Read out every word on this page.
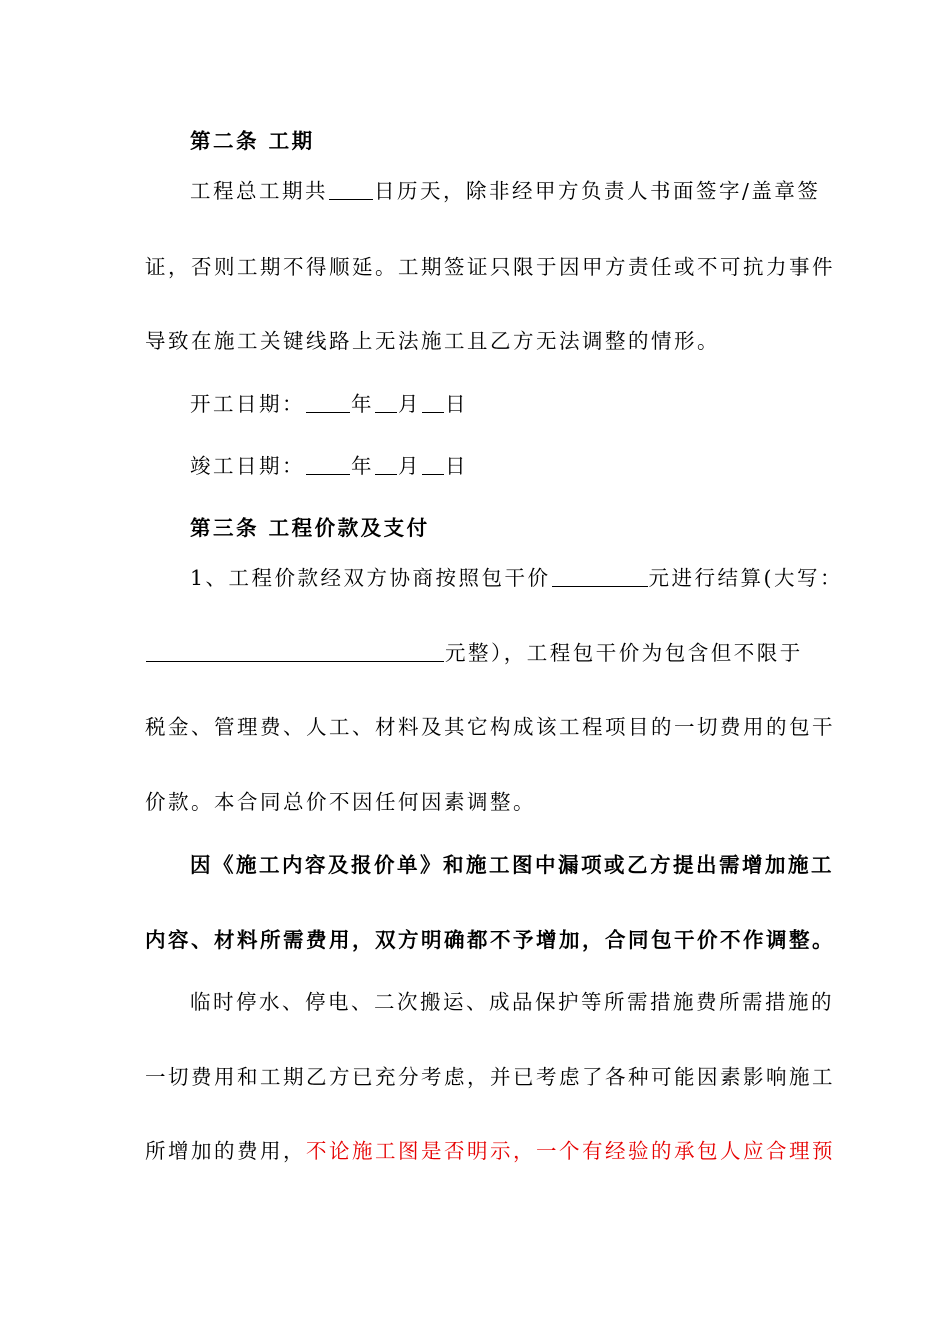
第二条 工期
工程总工期共 日历天，除非经甲方负责人书面签字/盖章签
证，否则工期不得顺延。工期签证只限于因甲方责任或不可抗力事件
导致在施工关键线路上无法施工且乙方无法调整的情形。
开工日期： 年 月 日
竣工日期： 年 月 日
第三条 工程价款及支付
1、工程价款经双方协商按照包干价	元进行结算(大写：
元整），工程包干价为包含但不限于
税金、管理费、人工、材料及其它构成该工程项目的一切费用的包干
价款。本合同总价不因任何因素调整。
因《施工内容及报价单》和施工图中漏项或乙方提出需增加施工
内容、材料所需费用，双方明确都不予增加，合同包干价不作调整。
临时停水、停电、二次搬运、成品保护等所需措施费所需措施的
一切费用和工期乙方已充分考虑，并已考虑了各种可能因素影响施工
所增加的费用，不论施工图是否明示，一个有经验的承包人应合理预
